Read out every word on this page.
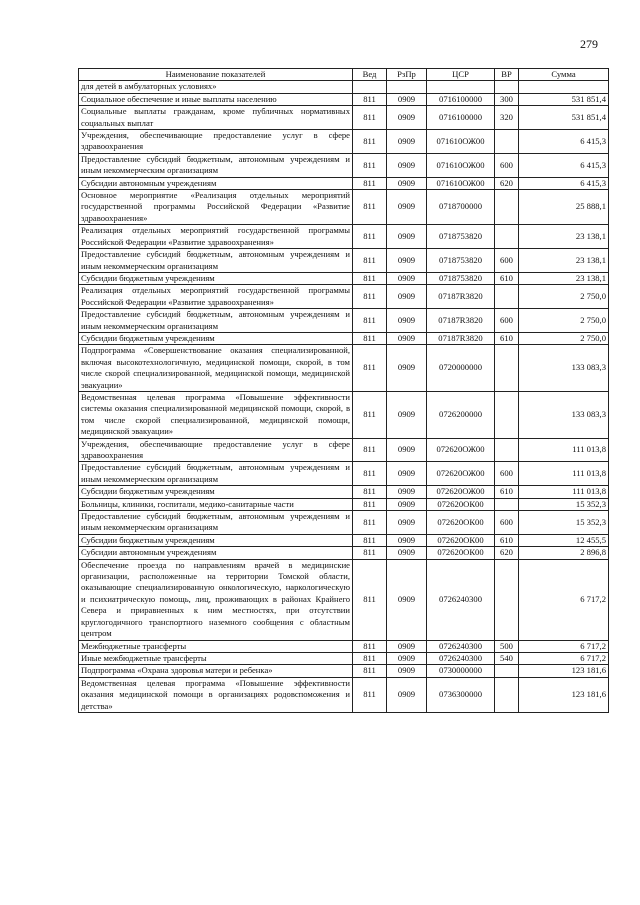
279
Наименование показателей	Вед	РзПр	ЦСР	ВР	Сумма
для детей в амбулаторных условиях»					
Социальное обеспечение и иные выплаты населению	811	0909	0716100000	300	531 851,4
Социальные выплаты гражданам, кроме публичных нормативных социальных выплат	811	0909	0716100000	320	531 851,4
Учреждения, обеспечивающие предоставление услуг в сфере здравоохранения	811	0909	071610ОЖ00		6 415,3
Предоставление субсидий бюджетным, автономным учреждениям и иным некоммерческим организациям	811	0909	071610ОЖ00	600	6 415,3
Субсидии автономным учреждениям	811	0909	071610ОЖ00	620	6 415,3
Основное мероприятие «Реализация отдельных мероприятий государственной программы Российской Федерации «Развитие здравоохранения»	811	0909	0718700000		25 888,1
Реализация отдельных мероприятий государственной программы Российской Федерации «Развитие здравоохранения»	811	0909	0718753820		23 138,1
Предоставление субсидий бюджетным, автономным учреждениям и иным некоммерческим организациям	811	0909	0718753820	600	23 138,1
Субсидии бюджетным учреждениям	811	0909	0718753820	610	23 138,1
Реализация отдельных мероприятий государственной программы Российской Федерации «Развитие здравоохранения»	811	0909	07187R3820		2 750,0
Предоставление субсидий бюджетным, автономным учреждениям и иным некоммерческим организациям	811	0909	07187R3820	600	2 750,0
Субсидии бюджетным учреждениям	811	0909	07187R3820	610	2 750,0
Подпрограмма «Совершенствование оказания специализированной, включая высокотехнологичную, медицинской помощи, скорой, в том числе скорой специализированной, медицинской помощи, медицинской эвакуации»	811	0909	0720000000		133 083,3
Ведомственная целевая программа «Повышение эффективности системы оказания специализированной медицинской помощи, скорой, в том числе скорой специализированной, медицинской помощи, медицинской эвакуации»	811	0909	0726200000		133 083,3
Учреждения, обеспечивающие предоставление услуг в сфере здравоохранения	811	0909	072620ОЖ00		111 013,8
Предоставление субсидий бюджетным, автономным учреждениям и иным некоммерческим организациям	811	0909	072620ОЖ00	600	111 013,8
Субсидии бюджетным учреждениям	811	0909	072620ОЖ00	610	111 013,8
Больницы, клиники, госпитали, медико-санитарные части	811	0909	072620ОК00		15 352,3
Предоставление субсидий бюджетным, автономным учреждениям и иным некоммерческим организациям	811	0909	072620ОК00	600	15 352,3
Субсидии бюджетным учреждениям	811	0909	072620ОК00	610	12 455,5
Субсидии автономным учреждениям	811	0909	072620ОК00	620	2 896,8
Обеспечение проезда по направлениям врачей в медицинские организации, расположенные на территории Томской области, оказывающие специализированную онкологическую, наркологическую и психиатрическую помощь, лиц, проживающих в районах Крайнего Севера и приравненных к ним местностях, при отсутствии круглогодичного транспортного наземного сообщения с областным центром	811	0909	0726240300		6 717,2
Межбюджетные трансферты	811	0909	0726240300	500	6 717,2
Иные межбюджетные трансферты	811	0909	0726240300	540	6 717,2
Подпрограмма «Охрана здоровья матери и ребенка»	811	0909	0730000000		123 181,6
Ведомственная целевая программа «Повышение эффективности оказания медицинской помощи в организациях родовспоможения и детства»	811	0909	0736300000		123 181,6
